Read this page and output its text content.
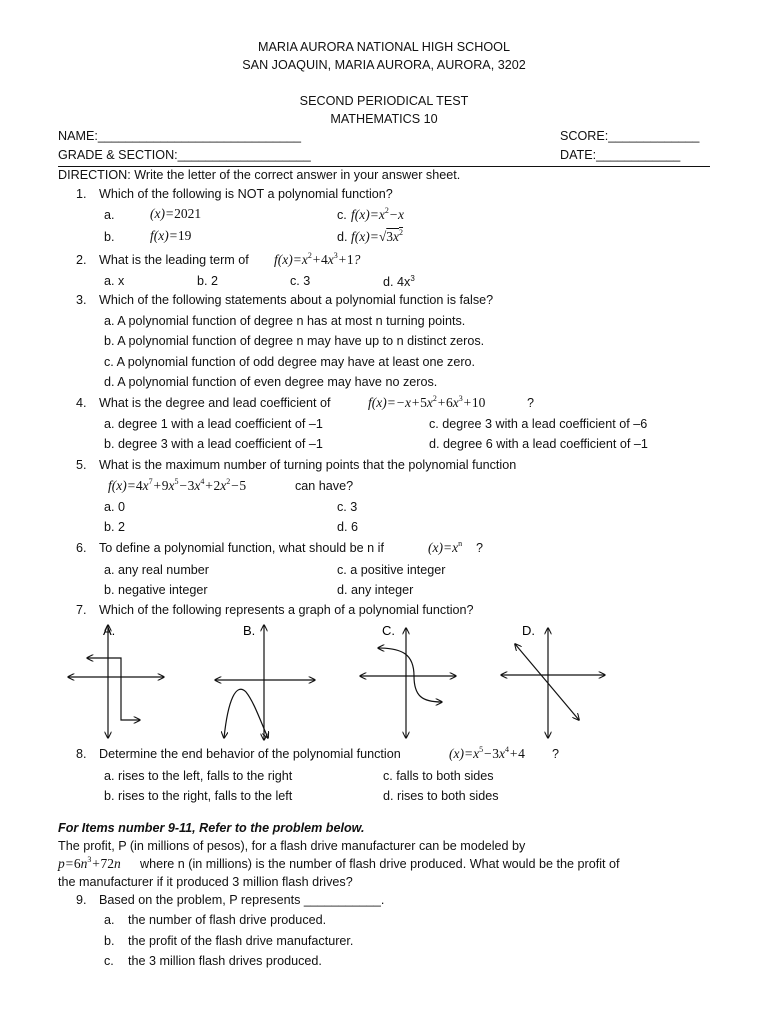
MARIA AURORA NATIONAL HIGH SCHOOL
SAN JOAQUIN, MARIA AURORA, AURORA, 3202
SECOND PERIODICAL TEST
MATHEMATICS 10
NAME:_____________________________	SCORE:_____________
GRADE & SECTION:___________________	DATE:____________
DIRECTION: Write the letter of the correct answer in your answer sheet.
1. Which of the following is NOT a polynomial function?
a.	(x)=2021
b.	f(x)=19
c. $f(x)=x^2-x$
d. $f(x)=√3x^2$
2. What is the leading term of $f(x)=x^2+4x^3+1$?
a. x	b. 2	c. 3	d. $4x^3$
3. Which of the following statements about a polynomial function is false?
a. A polynomial function of degree n has at most n turning points.
b. A polynomial function of degree n may have up to n distinct zeros.
c. A polynomial function of odd degree may have at least one zero.
d. A polynomial function of even degree may have no zeros.
4. What is the degree and lead coefficient of	$f(x)=-x+5x^2+6x^3+10$	?
a. degree 1 with a lead coefficient of –1
b. degree 3 with a lead coefficient of –1
c. degree 3 with a lead coefficient of –6
d. degree 6 with a lead coefficient of –1
5. What is the maximum number of turning points that the polynomial function
$f(x)=4x^7+9x^5-3x^4+2x^2-5$	can have?
a. 0
b. 2
c. 3
d. 6
6. To define a polynomial function, what should be n if	$(x)=x^n$ ?
a. any real number
b. negative integer
c. a positive integer
d. any integer
7. Which of the following represents a graph of a polynomial function?
A.	B.	C.	D.
8. Determine the end behavior of the polynomial function	$(x)=x^5-3x^4+4$ ?
a. rises to the left, falls to the right
b. rises to the right, falls to the left
c. falls to both sides
d. rises to both sides
For Items number 9-11, Refer to the problem below.
The profit, P (in millions of pesos), for a flash drive manufacturer can be modeled by
$p=6n^3+72n$ where n (in millions) is the number of flash drive produced. What would be the profit of
the manufacturer if it produced 3 million flash drives?
9. Based on the problem, P represents ___________.
a. the number of flash drive produced.
b. the profit of the flash drive manufacturer.
c. the 3 million flash drives produced.
